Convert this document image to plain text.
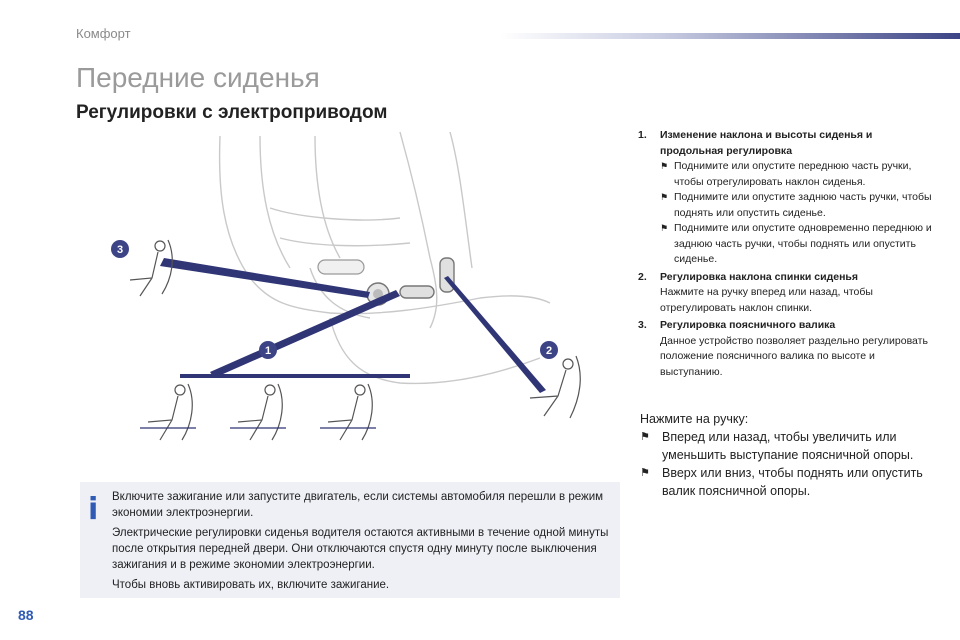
Комфорт
Передние сиденья
Регулировки с электроприводом
3
1	2
1.	Изменение наклона и высоты сиденья и продольная регулировка
⚑ Поднимите или опустите переднюю часть ручки, чтобы отрегулировать наклон сиденья.
⚑ Поднимите или опустите заднюю часть ручки, чтобы поднять или опустить сиденье.
⚑ Поднимите или опустите одновременно переднюю и заднюю часть ручки, чтобы поднять или опустить сиденье.
2.	Регулировка наклона спинки сиденья
Нажмите на ручку вперед или назад, чтобы отрегулировать наклон спинки.
3.	Регулировка поясничного валика
Данное устройство позволяет раздельно регулировать положение поясничного валика по высоте и выступанию.
Нажмите на ручку:
⚑ Вперед или назад, чтобы увеличить или уменьшить выступание поясничной опоры.
⚑ Вверх или вниз, чтобы поднять или опустить валик поясничной опоры.
i Включите зажигание или запустите двигатель, если системы автомобиля перешли в режим экономии электроэнергии.

Электрические регулировки сиденья водителя остаются активными в течение одной минуты после открытия передней двери. Они отключаются спустя одну минуту после выключения зажигания и в режиме экономии электроэнергии.

Чтобы вновь активировать их, включите зажигание.

88
